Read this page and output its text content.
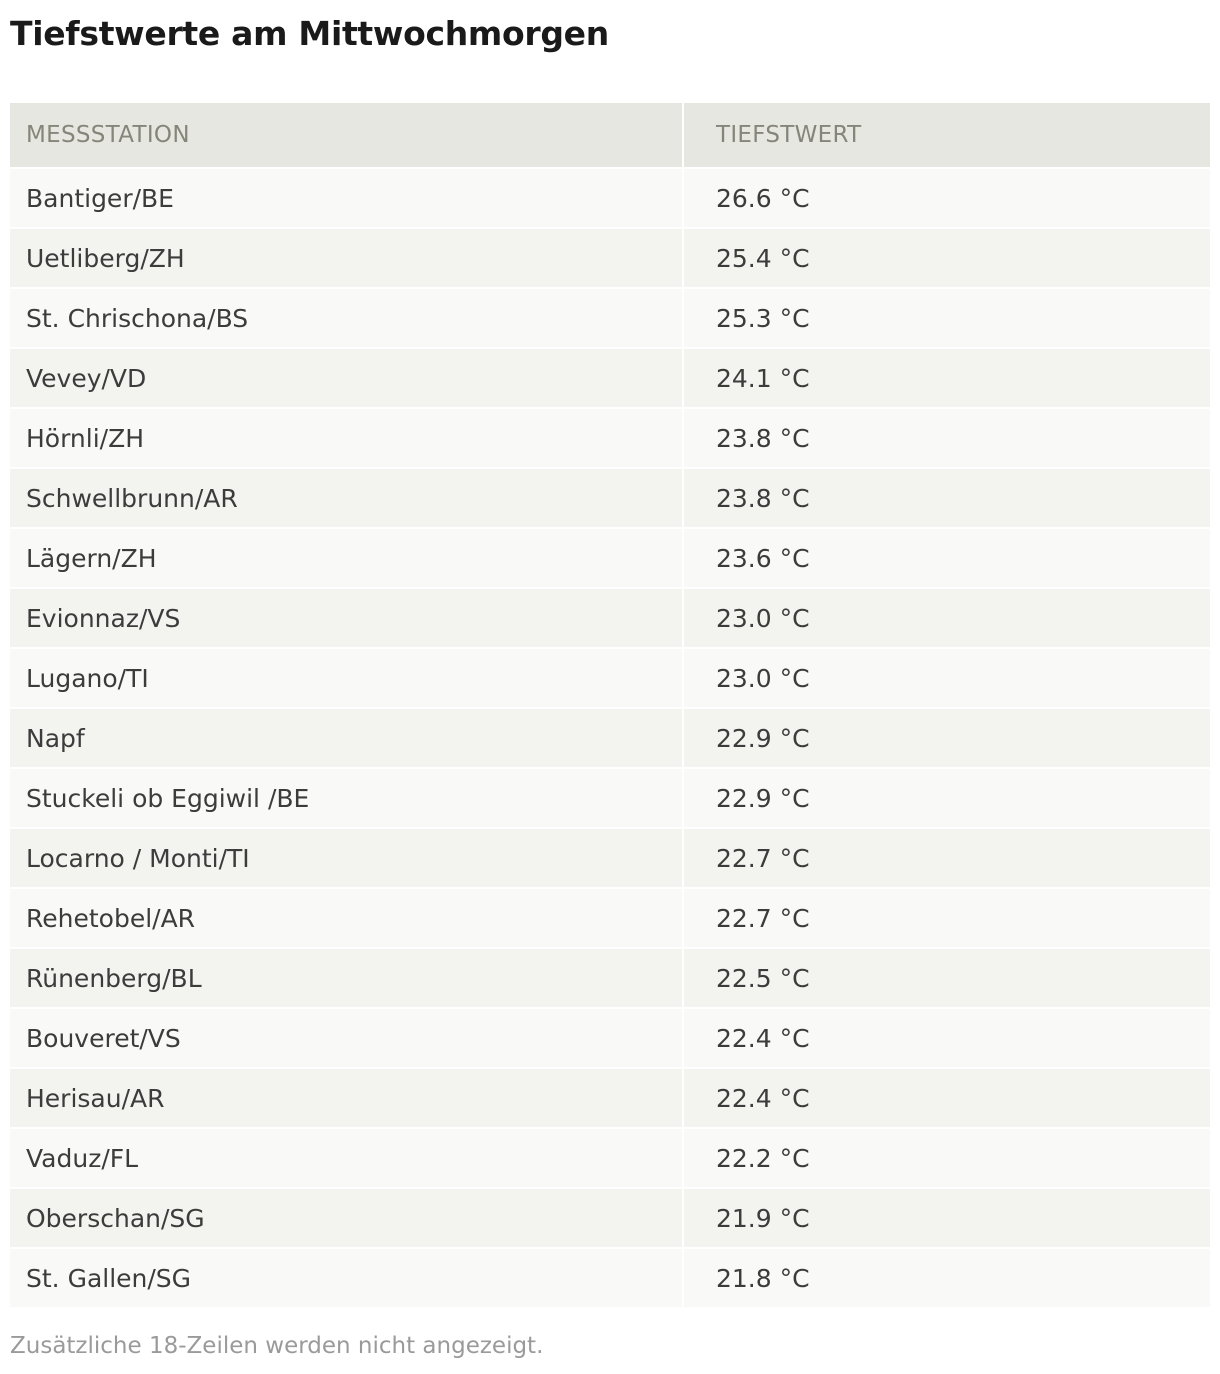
Tiefstwerte am Mittwochmorgen
MESSSTATION	TIEFSTWERT
Bantiger/BE	26.6 °C
Uetliberg/ZH	25.4 °C
St. Chrischona/BS	25.3 °C
Vevey/VD	24.1 °C
Hörnli/ZH	23.8 °C
Schwellbrunn/AR	23.8 °C
Lägern/ZH	23.6 °C
Evionnaz/VS	23.0 °C
Lugano/TI	23.0 °C
Napf	22.9 °C
Stuckeli ob Eggiwil /BE	22.9 °C
Locarno / Monti/TI	22.7 °C
Rehetobel/AR	22.7 °C
Rünenberg/BL	22.5 °C
Bouveret/VS	22.4 °C
Herisau/AR	22.4 °C
Vaduz/FL	22.2 °C
Oberschan/SG	21.9 °C
St. Gallen/SG	21.8 °C
Zusätzliche 18-Zeilen werden nicht angezeigt.
